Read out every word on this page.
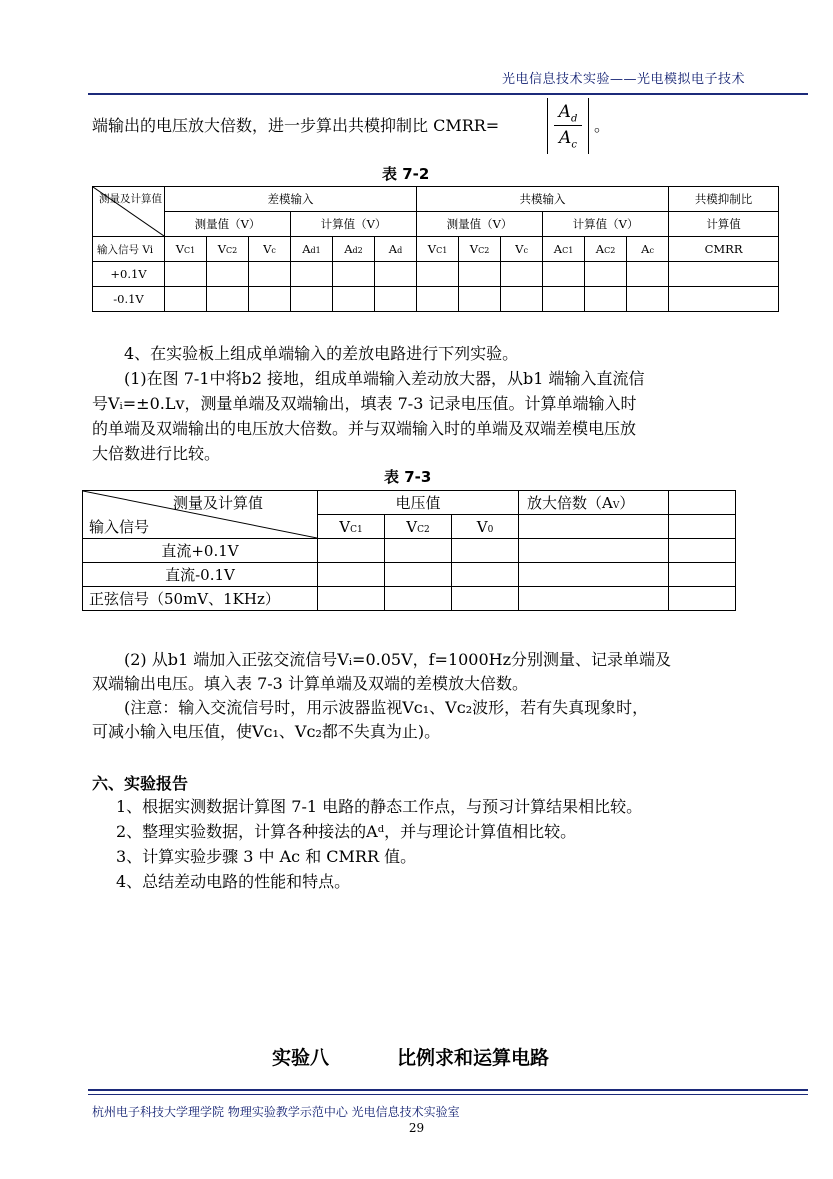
光电信息技术实验——光电模拟电子技术
端输出的电压放大倍数，进一步算出共模抑制比 CMRR=
$A_d$
$A_c$
。
表 7-2
测量及计算值	差模输入						共模输入						共模抑制比
	测量值（V）			计算值（V）			测量值（V）			计算值（V）			计算值
输入信号 Vi	VC1	VC2	Vc	Ad1	Ad2	Ad	VC1	VC2	Vc	AC1	AC2	Ac	CMRR
+0.1V													
-0.1V													
4、在实验板上组成单端输入的差放电路进行下列实验。
(1)在图 7-1中将b2 接地，组成单端输入差动放大器，从b1 端输入直流信
号Vᵢ=±0.Lv，测量单端及双端输出，填表 7-3 记录电压值。计算单端输入时
的单端及双端输出的电压放大倍数。并与双端输入时的单端及双端差模电压放
大倍数进行比较。
表 7-3
测量及计算值
输入信号	电压值			放大倍数（AV）	
	VC1	VC2	V0		
直流+0.1V					
直流-0.1V					
正弦信号（50mV、1KHz）					
(2) 从b1 端加入正弦交流信号Vᵢ=0.05V，f=1000Hz分别测量、记录单端及
双端输出电压。填入表 7-3 计算单端及双端的差模放大倍数。
(注意：输入交流信号时，用示波器监视Vᴄ₁、Vᴄ₂波形，若有失真现象时，
可减小输入电压值，使Vᴄ₁、Vᴄ₂都不失真为止)。
六、实验报告
1、根据实测数据计算图 7-1 电路的静态工作点，与预习计算结果相比较。
2、整理实验数据，计算各种接法的Aᵈ，并与理论计算值相比较。
3、计算实验步骤 3 中 Ac 和 CMRR 值。
4、总结差动电路的性能和特点。
实验八	比例求和运算电路
杭州电子科技大学理学院 物理实验教学示范中心 光电信息技术实验室
29
